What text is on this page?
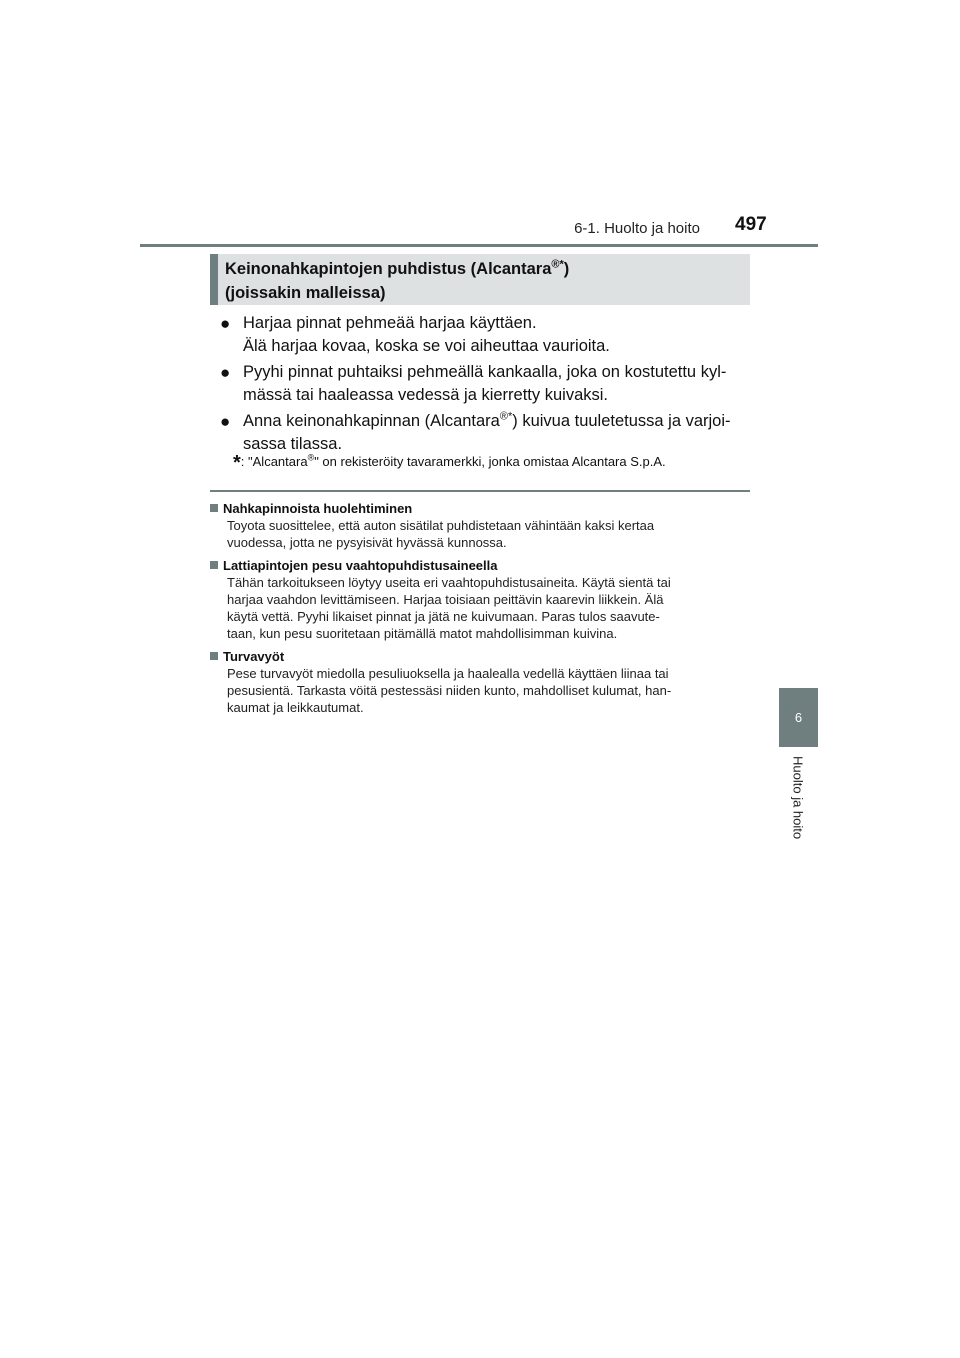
6-1. Huolto ja hoito 497
6
Huolto ja hoito
Keinonahkapintojen puhdistus (Alcantara®*)
(joissakin malleissa)
● Harjaa pinnat pehmeää harjaa käyttäen.
Älä harjaa kovaa, koska se voi aiheuttaa vaurioita.
● Pyyhi pinnat puhtaiksi pehmeällä kankaalla, joka on kostutettu kyl-
mässä tai haaleassa vedessä ja kierretty kuivaksi.
● Anna keinonahkapinnan (Alcantara®*) kuivua tuuletetussa ja varjoi-
sassa tilassa.
*: "Alcantara®" on rekisteröity tavaramerkki, jonka omistaa Alcantara S.p.A.
Nahkapinnoista huolehtiminen
Toyota suosittelee, että auton sisätilat puhdistetaan vähintään kaksi kertaa
vuodessa, jotta ne pysyisivät hyvässä kunnossa.
Lattiapintojen pesu vaahtopuhdistusaineella
Tähän tarkoitukseen löytyy useita eri vaahtopuhdistusaineita. Käytä sientä tai
harjaa vaahdon levittämiseen. Harjaa toisiaan peittävin kaarevin liikkein. Älä
käytä vettä. Pyyhi likaiset pinnat ja jätä ne kuivumaan. Paras tulos saavute-
taan, kun pesu suoritetaan pitämällä matot mahdollisimman kuivina.
Turvavyöt
Pese turvavyöt miedolla pesuliuoksella ja haalealla vedellä käyttäen liinaa tai
pesusientä. Tarkasta vöitä pestessäsi niiden kunto, mahdolliset kulumat, han-
kaumat ja leikkautumat.
